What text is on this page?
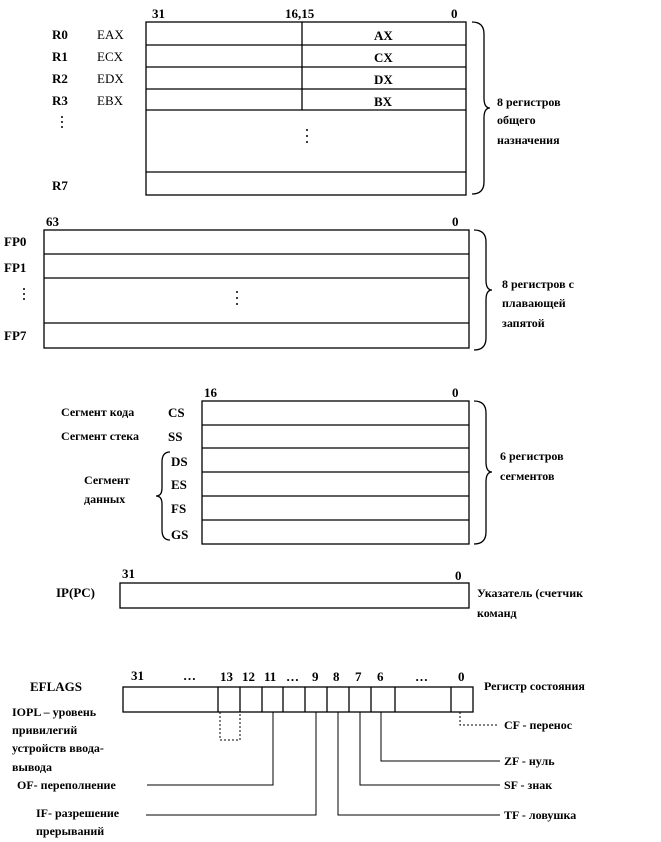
31	16,15	0
R0 EAX	AX
R1 ECX	CX
R2 EDX	DX
R3 EBX	BX
R7
8 регистров
общего
назначения
63	0
FP0
FP1
FP7
8 регистров с
плавающей
запятой
16	0
Сегмент кода
Сегмент стека
Сегмент
данных
CS
SS
DS
ES
FS
GS
6 регистров
сегментов
IP(PC)
31	0
Указатель (счетчик
команд
EFLAGS
31	… 13 12 11 … 9 8 7 6 … 0
Регистр состояния
IOPL – уровень
привилегий
устройств ввода-
вывода
OF- переполнение
IF- разрешение
прерываний
CF - перенос
ZF - нуль
SF - знак
TF - ловушка
